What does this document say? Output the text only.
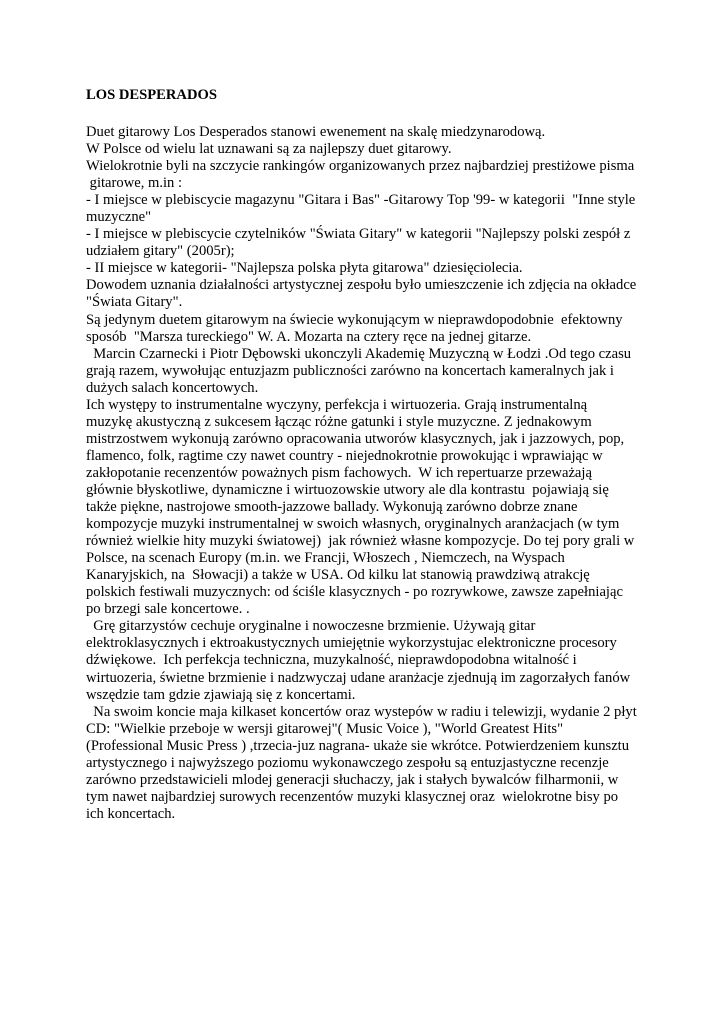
LOS DESPERADOS
Duet gitarowy Los Desperados stanowi ewenement na skalę miedzynarodową.
W Polsce od wielu lat uznawani są za najlepszy duet gitarowy.
Wielokrotnie byli na szczycie rankingów organizowanych przez najbardziej prestiżowe pisma
gitarowe, m.in :
- I miejsce w plebiscycie magazynu "Gitara i Bas" -Gitarowy Top '99- w kategorii  "Inne style
muzyczne"
- I miejsce w plebiscycie czytelników "Świata Gitary" w kategorii "Najlepszy polski zespół z
udziałem gitary" (2005r);
- II miejsce w kategorii- "Najlepsza polska płyta gitarowa" dziesięciolecia.
Dowodem uznania działalności artystycznej zespołu było umieszczenie ich zdjęcia na okładce
"Świata Gitary".
Są jedynym duetem gitarowym na świecie wykonującym w nieprawdopodobnie  efektowny
sposób  "Marsza tureckiego" W. A. Mozarta na cztery ręce na jednej gitarze.
Marcin Czarnecki i Piotr Dębowski ukonczyli Akademię Muzyczną w Łodzi .Od tego czasu
grają razem, wywołując entuzjazm publiczności zarówno na koncertach kameralnych jak i
dużych salach koncertowych.
Ich występy to instrumentalne wyczyny, perfekcja i wirtuozeria. Grają instrumentalną
muzykę akustyczną z sukcesem łącząc różne gatunki i style muzyczne. Z jednakowym
mistrzostwem wykonują zarówno opracowania utworów klasycznych, jak i jazzowych, pop,
flamenco, folk, ragtime czy nawet country - niejednokrotnie prowokując i wprawiając w
zakłopotanie recenzentów poważnych pism fachowych.  W ich repertuarze przeważają
głównie błyskotliwe, dynamiczne i wirtuozowskie utwory ale dla kontrastu  pojawiają się
także piękne, nastrojowe smooth-jazzowe ballady. Wykonują zarówno dobrze znane
kompozycje muzyki instrumentalnej w swoich własnych, oryginalnych aranżacjach (w tym
również wielkie hity muzyki światowej)  jak również własne kompozycje. Do tej pory grali w
Polsce, na scenach Europy (m.in. we Francji, Włoszech , Niemczech, na Wyspach
Kanaryjskich, na  Słowacji) a także w USA. Od kilku lat stanowią prawdziwą atrakcję
polskich festiwali muzycznych: od ściśle klasycznych - po rozrywkowe, zawsze zapełniając
po brzegi sale koncertowe. .
Grę gitarzystów cechuje oryginalne i nowoczesne brzmienie. Używają gitar
elektroklasycznych i ektroakustycznych umiejętnie wykorzystujac elektroniczne procesory
dźwiękowe.  Ich perfekcja techniczna, muzykalność, nieprawdopodobna witalność i
wirtuozeria, świetne brzmienie i nadzwyczaj udane aranżacje zjednują im zagorzałych fanów
wszędzie tam gdzie zjawiają się z koncertami.
Na swoim koncie maja kilkaset koncertów oraz wystepów w radiu i telewizji, wydanie 2 płyt
CD: "Wielkie przeboje w wersji gitarowej"( Music Voice ), "World Greatest Hits"
(Professional Music Press ) ,trzecia-juz nagrana- ukaże sie wkrótce. Potwierdzeniem kunsztu
artystycznego i najwyższego poziomu wykonawczego zespołu są entuzjastyczne recenzje
zarówno przedstawicieli mlodej generacji słuchaczy, jak i stałych bywalców filharmonii, w
tym nawet najbardziej surowych recenzentów muzyki klasycznej oraz  wielokrotne bisy po
ich koncertach.
